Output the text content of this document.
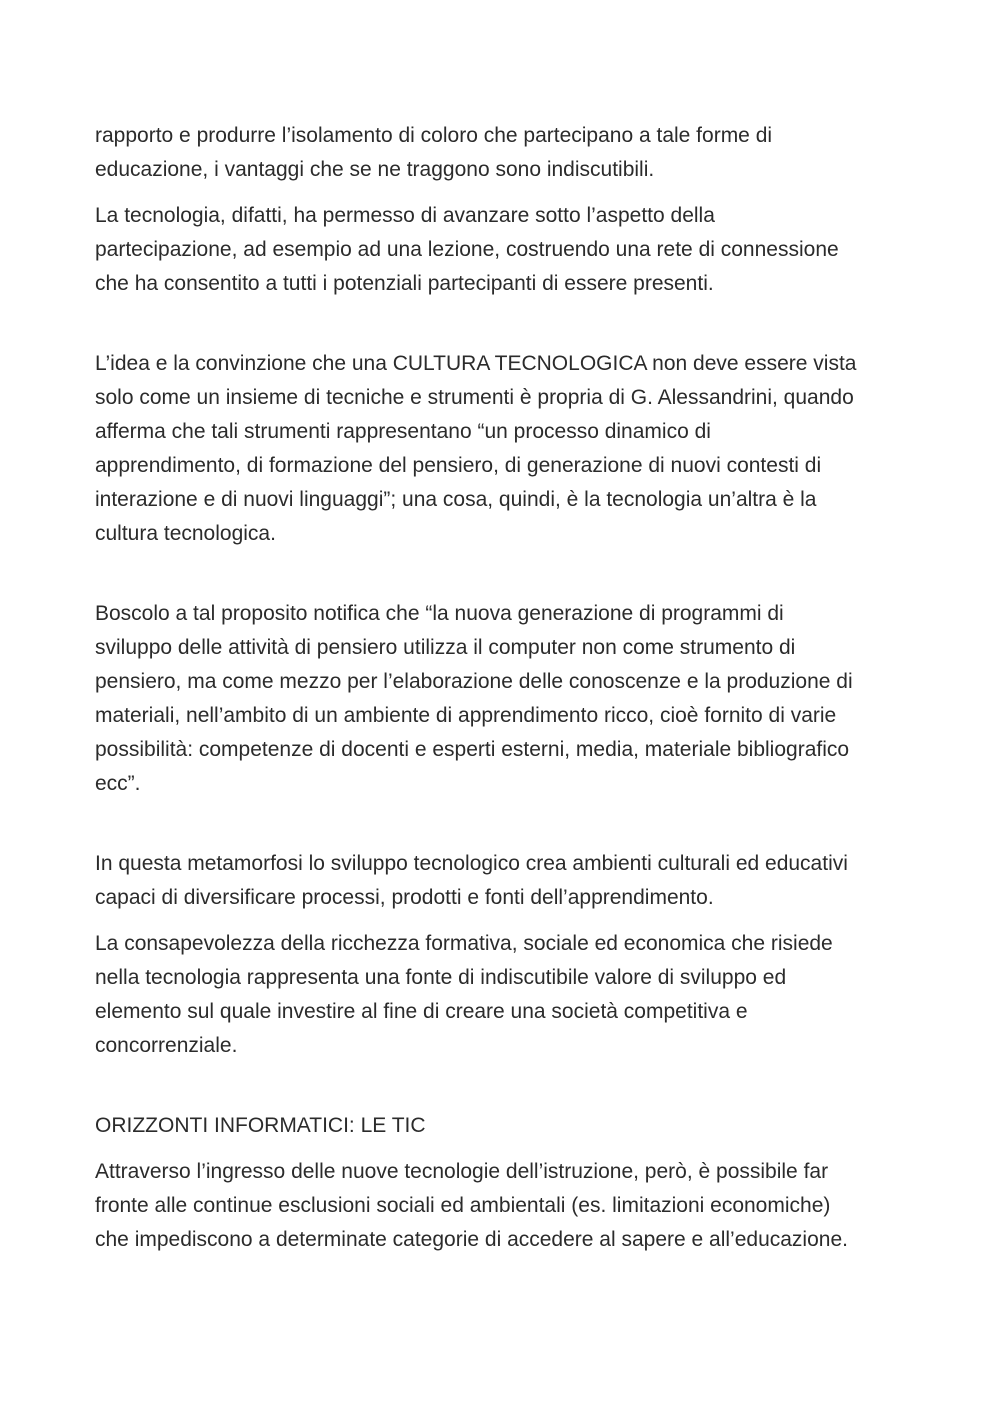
rapporto e produrre l’isolamento di coloro che partecipano a tale forme di

educazione, i vantaggi che se ne traggono sono indiscutibili.

La tecnologia, difatti, ha permesso di avanzare sotto l’aspetto della

partecipazione, ad esempio ad una lezione, costruendo una rete di connessione

che ha consentito a tutti i potenziali partecipanti di essere presenti.

L’idea e la convinzione che una CULTURA TECNOLOGICA non deve essere vista

solo come un insieme di tecniche e strumenti è propria di G. Alessandrini, quando

afferma che tali strumenti rappresentano “un processo dinamico di

apprendimento, di formazione del pensiero, di generazione di nuovi contesti di

interazione e di nuovi linguaggi”; una cosa, quindi, è la tecnologia un’altra è la

cultura tecnologica.

Boscolo a tal proposito notifica che “la nuova generazione di programmi di

sviluppo delle attività di pensiero utilizza il computer non come strumento di

pensiero, ma come mezzo per l’elaborazione delle conoscenze e la produzione di

materiali, nell’ambito di un ambiente di apprendimento ricco, cioè fornito di varie

possibilità: competenze di docenti e esperti esterni, media, materiale bibliografico

ecc”.

In questa metamorfosi lo sviluppo tecnologico crea ambienti culturali ed educativi

capaci di diversificare processi, prodotti e fonti dell’apprendimento.

La consapevolezza della ricchezza formativa, sociale ed economica che risiede

nella tecnologia rappresenta una fonte di indiscutibile valore di sviluppo ed

elemento sul quale investire al fine di creare una società competitiva e

concorrenziale.

ORIZZONTI INFORMATICI: LE TIC

Attraverso l’ingresso delle nuove tecnologie dell’istruzione, però, è possibile far

fronte alle continue esclusioni sociali ed ambientali (es. limitazioni economiche)

che impediscono a determinate categorie di accedere al sapere e all’educazione.
